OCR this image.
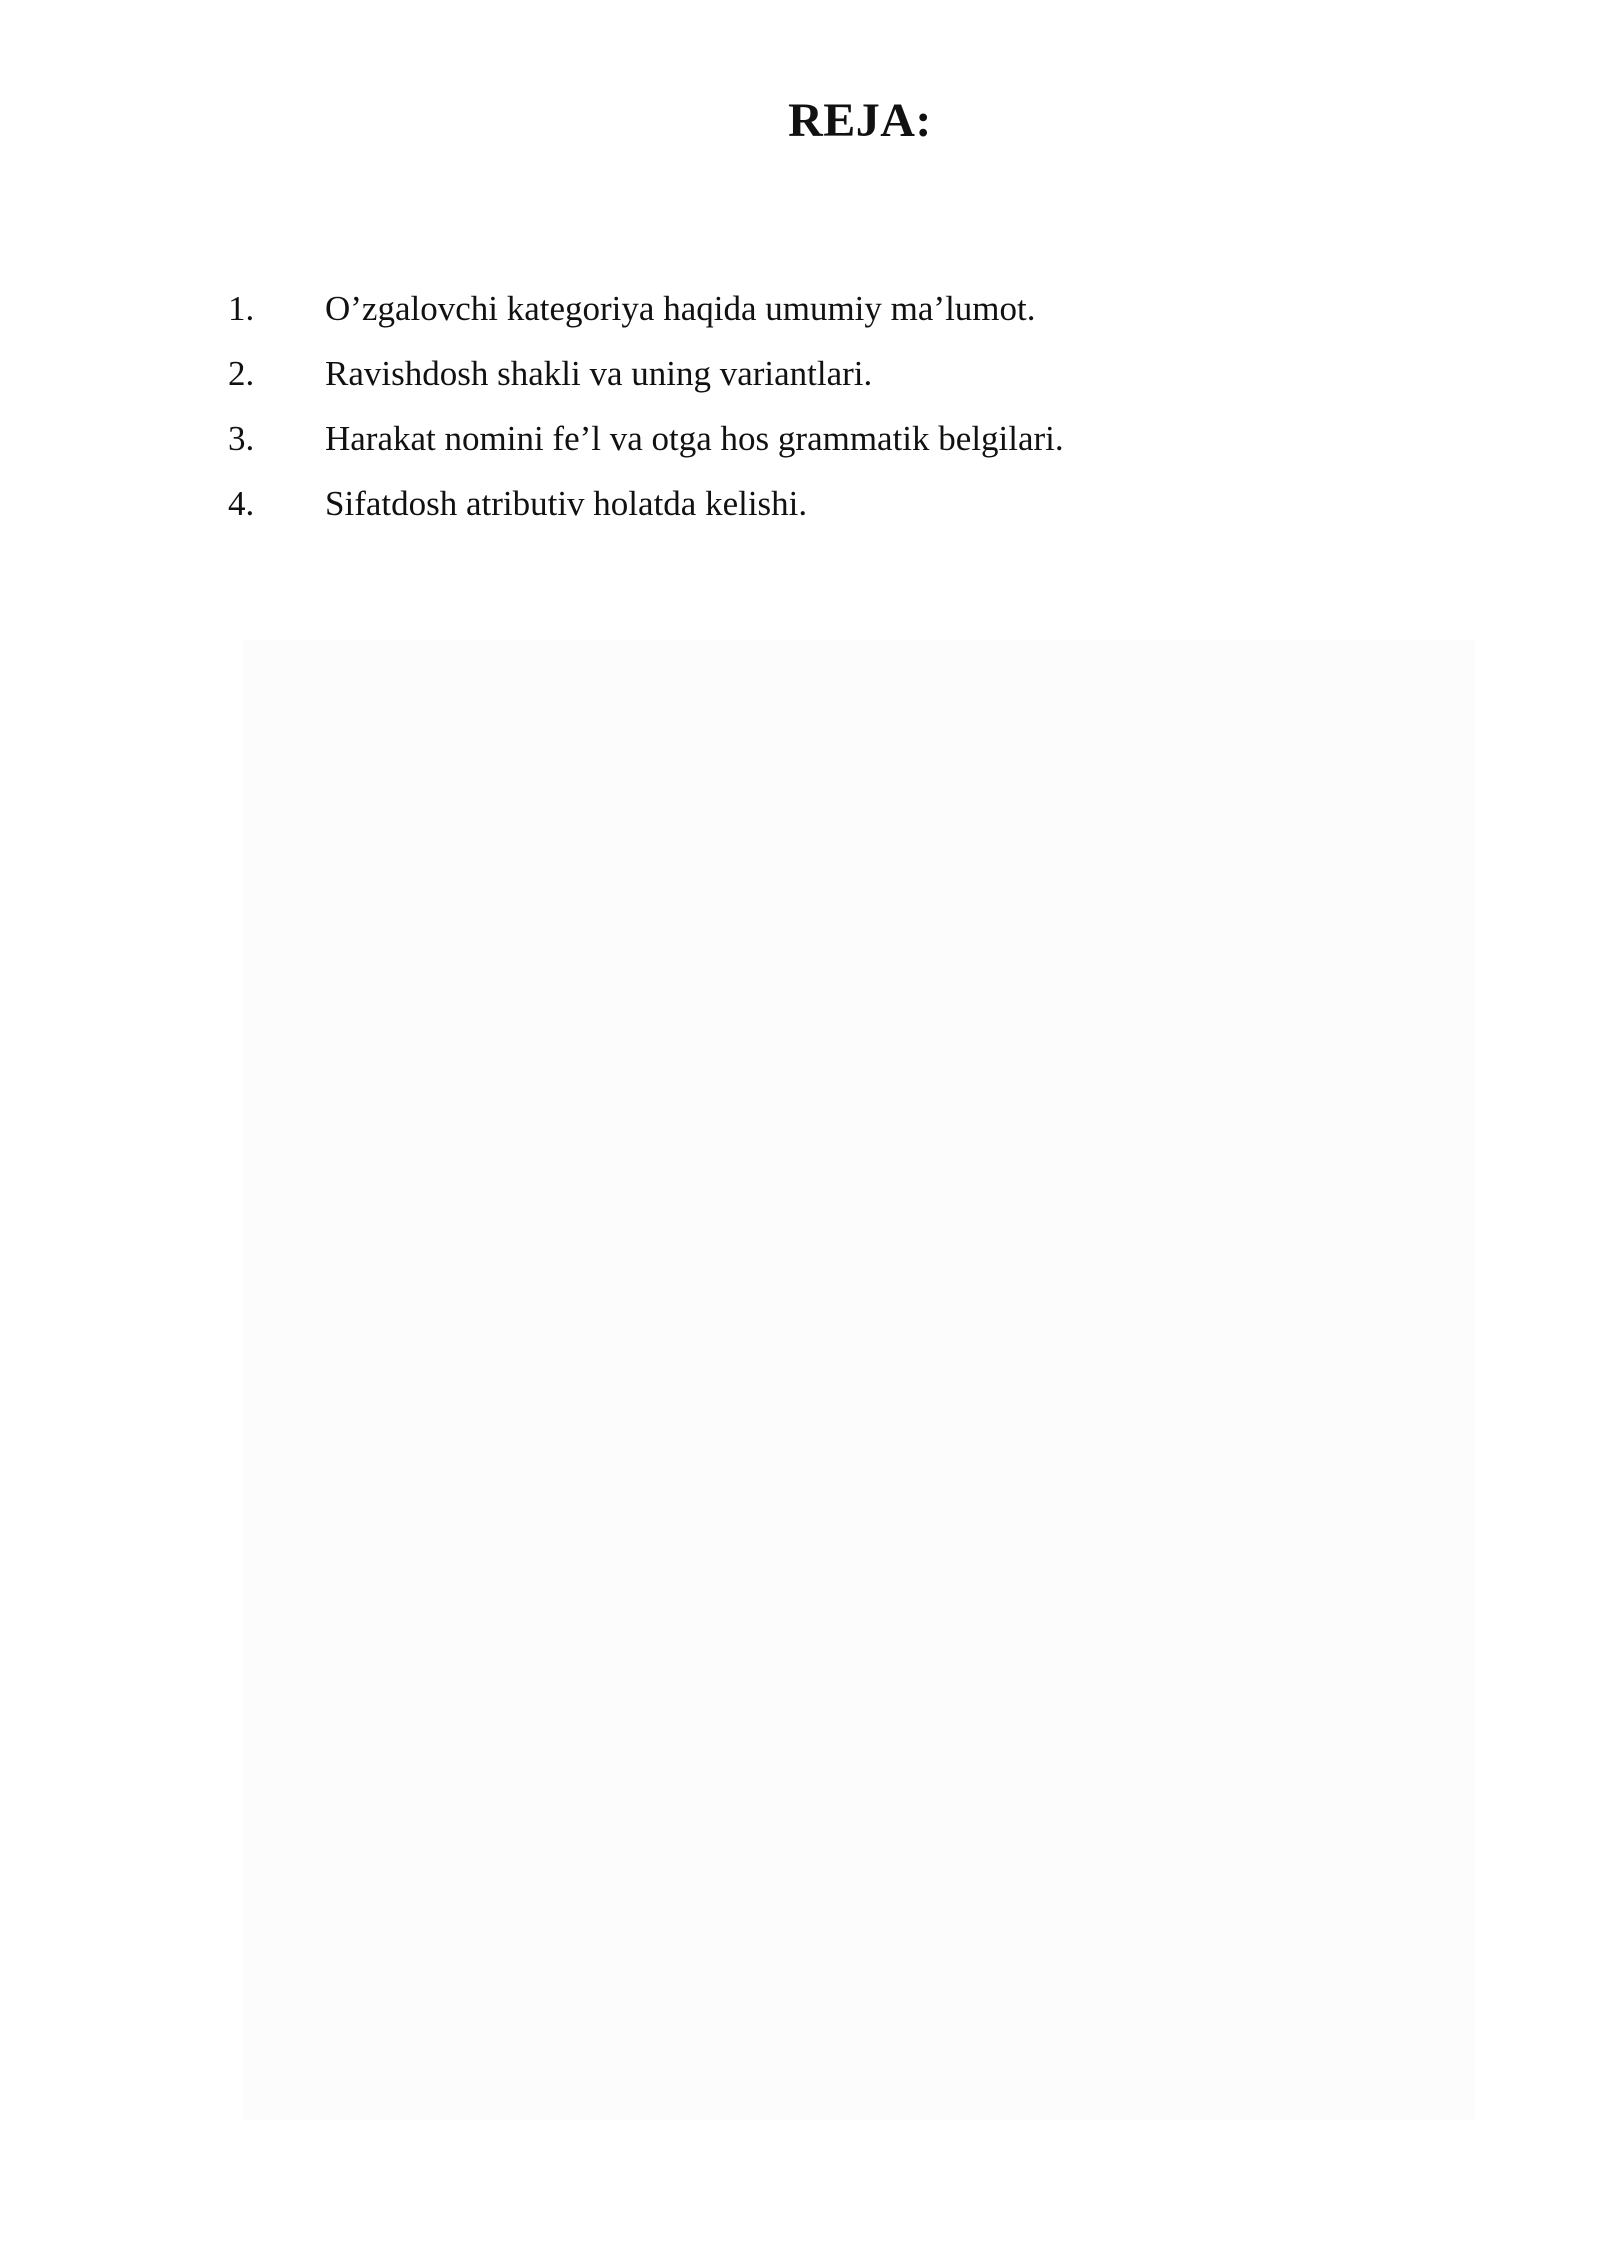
REJA:
1.	O’zgalovchi kategoriya haqida umumiy ma’lumot.
2.	Ravishdosh shakli va uning variantlari.
3.	Harakat nomini fe’l va otga hos grammatik belgilari.
4.	Sifatdosh atributiv holatda kelishi.
